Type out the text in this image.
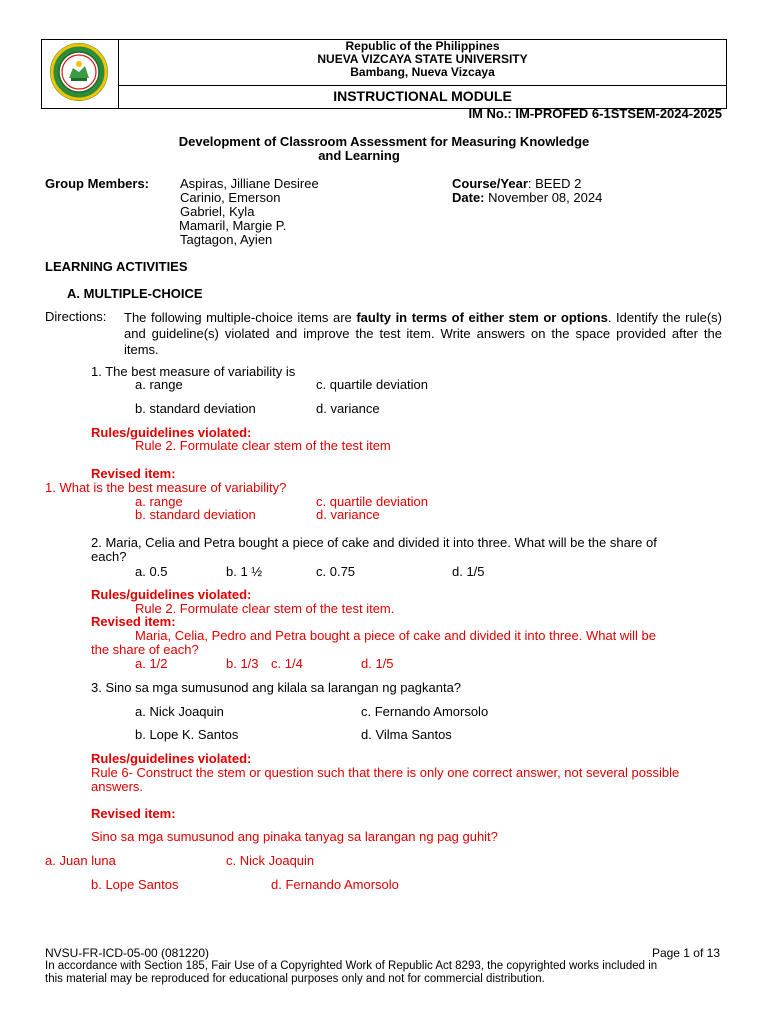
Republic of the Philippines
NUEVA VIZCAYA STATE UNIVERSITY
Bambang, Nueva Vizcaya
INSTRUCTIONAL MODULE
IM No.: IM-PROFED 6-1STSEM-2024-2025
Development of Classroom Assessment for Measuring Knowledge
and Learning
Group Members: Aspiras, Jilliane Desiree
Carinio, Emerson
Gabriel, Kyla
Mamaril, Margie P.
Tagtagon, Ayien
Course/Year: BEED 2
Date: November 08, 2024
LEARNING ACTIVITIES
A. MULTIPLE-CHOICE
Directions: The following multiple-choice items are faulty in terms of either stem or options. Identify the rule(s) and guideline(s) violated and improve the test item. Write answers on the space provided after the items.
1. The best measure of variability is
a. range	c. quartile deviation
b. standard deviation	d. variance
Rules/guidelines violated:
Rule 2. Formulate clear stem of the test item
Revised item:
1. What is the best measure of variability?
a. range	c. quartile deviation
b. standard deviation	d. variance
2. Maria, Celia and Petra bought a piece of cake and divided it into three. What will be the share of
each?
a. 0.5	b. 1 ½	c. 0.75	d. 1/5
Rules/guidelines violated:
Rule 2. Formulate clear stem of the test item.
Revised item:
Maria, Celia, Pedro and Petra bought a piece of cake and divided it into three. What will be
the share of each?
a. 1/2	b. 1/3 c. 1/4	d. 1/5
3. Sino sa mga sumusunod ang kilala sa larangan ng pagkanta?
a. Nick Joaquin	c. Fernando Amorsolo
b. Lope K. Santos	d. Vilma Santos
Rules/guidelines violated:
Rule 6- Construct the stem or question such that there is only one correct answer, not several possible
answers.
Revised item:
Sino sa mga sumusunod ang pinaka tanyag sa larangan ng pag guhit?
a. Juan luna	c. Nick Joaquin
b. Lope Santos	d. Fernando Amorsolo
NVSU-FR-ICD-05-00 (081220)	Page 1 of 13
In accordance with Section 185, Fair Use of a Copyrighted Work of Republic Act 8293, the copyrighted works included in
this material may be reproduced for educational purposes only and not for commercial distribution.
